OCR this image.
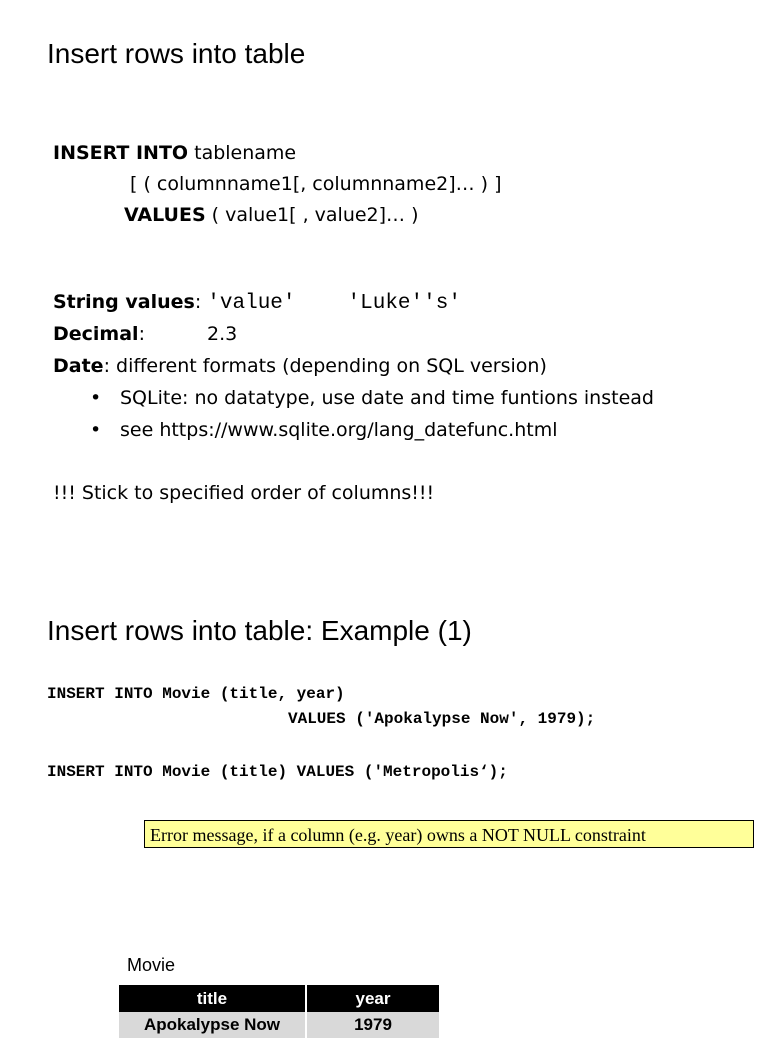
Insert rows into table
INSERT INTO tablename
[ ( columnname1[, columnname2]… ) ]
VALUES ( value1[ , value2]… )
String values: 'value' 'Luke''s'
Decimal:	2.3
Date: different formats (depending on SQL version)
• SQLite: no datatype, use date and time funtions instead
• see https://www.sqlite.org/lang_datefunc.html
!!! Stick to specified order of columns!!!
Insert rows into table: Example (1)
INSERT INTO Movie (title, year)
VALUES ('Apokalypse Now', 1979);
INSERT INTO Movie (title) VALUES ('Metropolis‘);
Error message, if a column (e.g. year) owns a NOT NULL constraint
Movie
title	year
Apokalypse Now	1979
